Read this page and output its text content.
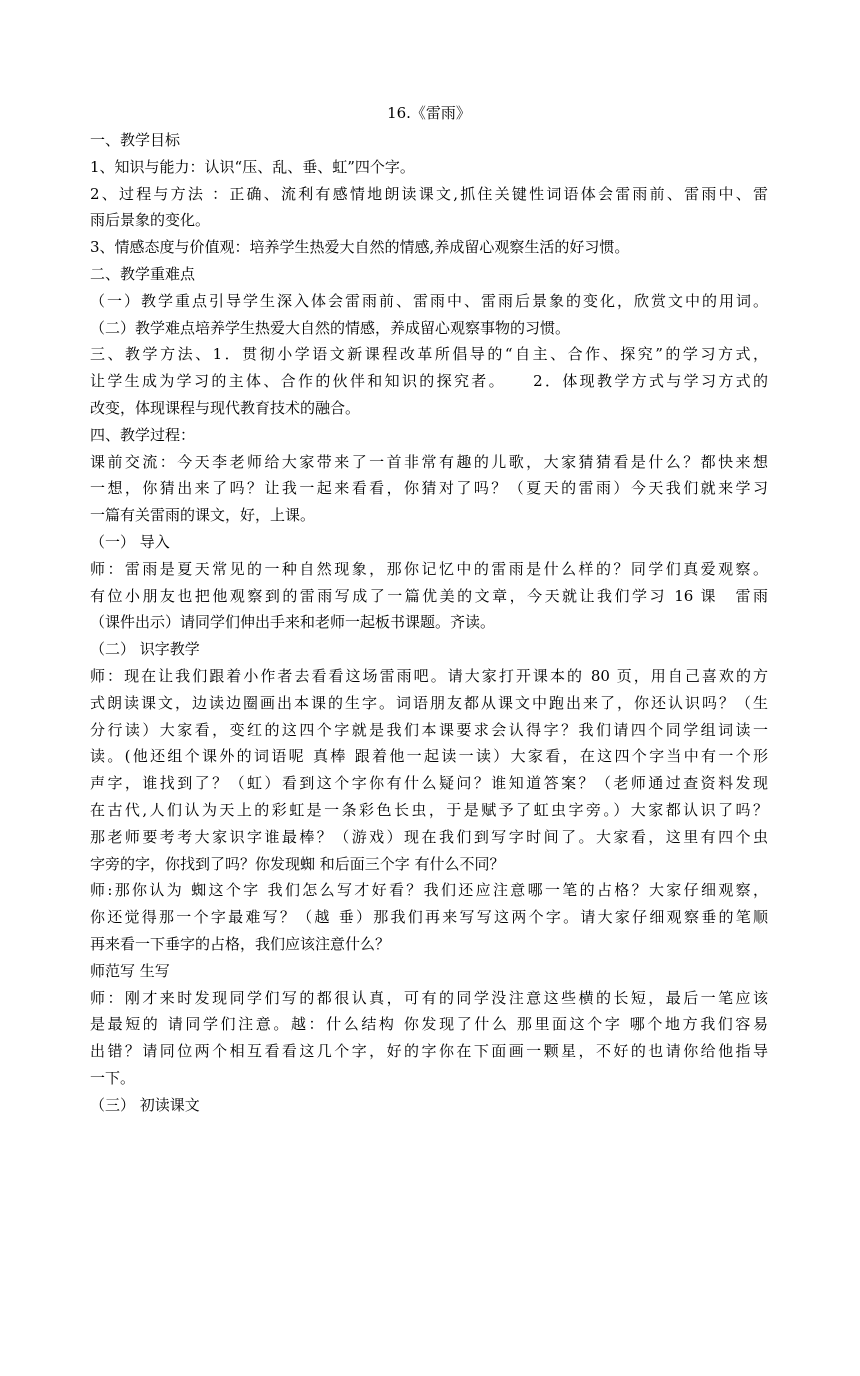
16.《雷雨》

一、教学目标

1、知识与能力：认识“压、乱、垂、虹”四个字。

2、过程与方法 ：正确、流利有感情地朗读课文,抓住关键性词语体会雷雨前、雷雨中、雷

雨后景象的变化。

3、情感态度与价值观：培养学生热爱大自然的情感,养成留心观察生活的好习惯。

二、教学重难点

（一）教学重点引导学生深入体会雷雨前、雷雨中、雷雨后景象的变化，欣赏文中的用词。

（二）教学难点培养学生热爱大自然的情感，养成留心观察事物的习惯。

三、教学方法、1．贯彻小学语文新课程改革所倡导的“自主、合作、探究”的学习方式，

让学生成为学习的主体、合作的伙伴和知识的探究者。　　2．体现教学方式与学习方式的

改变，体现课程与现代教育技术的融合。

四、教学过程：

课前交流：今天李老师给大家带来了一首非常有趣的儿歌，大家猜猜看是什么？都快来想

一想，你猜出来了吗？让我一起来看看，你猜对了吗？（夏天的雷雨）今天我们就来学习

一篇有关雷雨的课文，好，上课。

（一） 导入

师：雷雨是夏天常见的一种自然现象，那你记忆中的雷雨是什么样的？同学们真爱观察。

有位小朋友也把他观察到的雷雨写成了一篇优美的文章，今天就让我们学习 16 课　雷雨

（课件出示）请同学们伸出手来和老师一起板书课题。齐读。

（二） 识字教学

师：现在让我们跟着小作者去看看这场雷雨吧。请大家打开课本的 80 页，用自己喜欢的方

式朗读课文，边读边圈画出本课的生字。词语朋友都从课文中跑出来了，你还认识吗？（生

分行读）大家看，变红的这四个字就是我们本课要求会认得字？我们请四个同学组词读一

读。(他还组个课外的词语呢 真棒 跟着他一起读一读）大家看，在这四个字当中有一个形

声字，谁找到了？（虹）看到这个字你有什么疑问？谁知道答案？（老师通过查资料发现

在古代,人们认为天上的彩虹是一条彩色长虫，于是赋予了虹虫字旁。）大家都认识了吗？

那老师要考考大家识字谁最棒？（游戏）现在我们到写字时间了。大家看，这里有四个虫

字旁的字，你找到了吗？你发现蜘 和后面三个字 有什么不同？

师:那你认为 蜘这个字 我们怎么写才好看？我们还应注意哪一笔的占格？大家仔细观察，

你还觉得那一个字最难写？（越 垂）那我们再来写写这两个字。请大家仔细观察垂的笔顺

再来看一下垂字的占格，我们应该注意什么？

师范写 生写

师：刚才来时发现同学们写的都很认真，可有的同学没注意这些横的长短，最后一笔应该

是最短的 请同学们注意。越：什么结构 你发现了什么 那里面这个字 哪个地方我们容易

出错？请同位两个相互看看这几个字，好的字你在下面画一颗星，不好的也请你给他指导

一下。

（三） 初读课文
